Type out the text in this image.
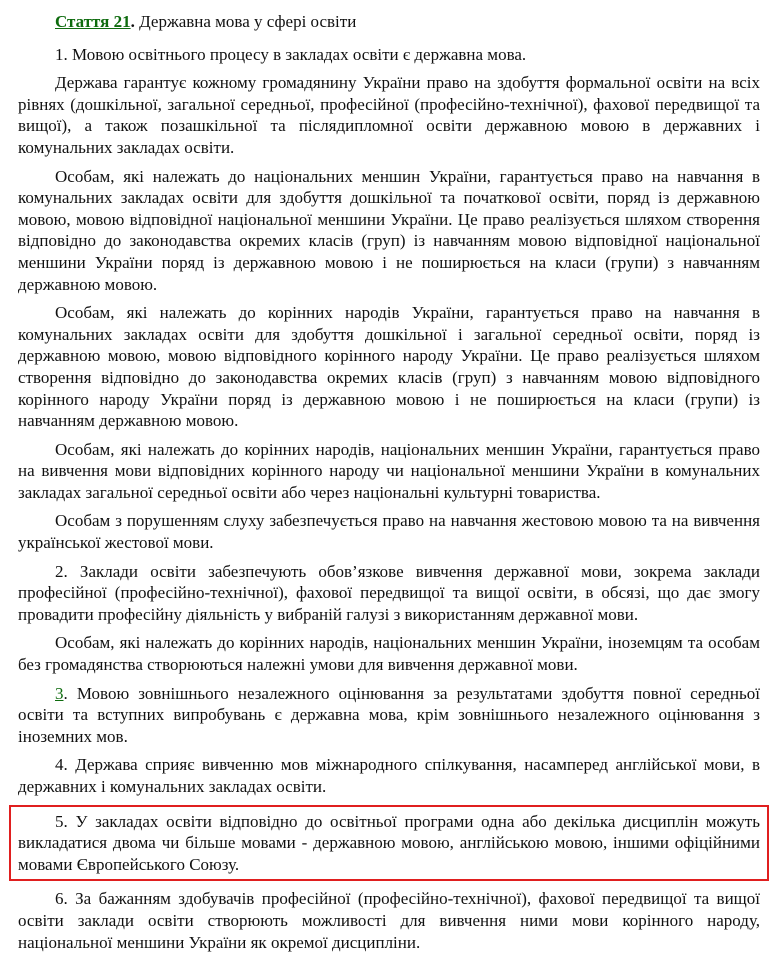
Стаття 21. Державна мова у сфері освіти

1. Мовою освітнього процесу в закладах освіти є державна мова.

Держава гарантує кожному громадянину України право на здобуття формальної освіти на всіх рівнях (дошкільної, загальної середньої, професійної (професійно-технічної), фахової передвищої та вищої), а також позашкільної та післядипломної освіти державною мовою в державних і комунальних закладах освіти.

Особам, які належать до національних меншин України, гарантується право на навчання в комунальних закладах освіти для здобуття дошкільної та початкової освіти, поряд із державною мовою, мовою відповідної національної меншини України. Це право реалізується шляхом створення відповідно до законодавства окремих класів (груп) із навчанням мовою відповідної національної меншини України поряд із державною мовою і не поширюється на класи (групи) з навчанням державною мовою.

Особам, які належать до корінних народів України, гарантується право на навчання в комунальних закладах освіти для здобуття дошкільної і загальної середньої освіти, поряд із державною мовою, мовою відповідного корінного народу України. Це право реалізується шляхом створення відповідно до законодавства окремих класів (груп) з навчанням мовою відповідного корінного народу України поряд із державною мовою і не поширюється на класи (групи) із навчанням державною мовою.

Особам, які належать до корінних народів, національних меншин України, гарантується право на вивчення мови відповідних корінного народу чи національної меншини України в комунальних закладах загальної середньої освіти або через національні культурні товариства.

Особам з порушенням слуху забезпечується право на навчання жестовою мовою та на вивчення української жестової мови.

2. Заклади освіти забезпечують обов’язкове вивчення державної мови, зокрема заклади професійної (професійно-технічної), фахової передвищої та вищої освіти, в обсязі, що дає змогу провадити професійну діяльність у вибраній галузі з використанням державної мови.

Особам, які належать до корінних народів, національних меншин України, іноземцям та особам без громадянства створюються належні умови для вивчення державної мови.

3. Мовою зовнішнього незалежного оцінювання за результатами здобуття повної середньої освіти та вступних випробувань є державна мова, крім зовнішнього незалежного оцінювання з іноземних мов.

4. Держава сприяє вивченню мов міжнародного спілкування, насамперед англійської мови, в державних і комунальних закладах освіти.

5. У закладах освіти відповідно до освітньої програми одна або декілька дисциплін можуть викладатися двома чи більше мовами - державною мовою, англійською мовою, іншими офіційними мовами Європейського Союзу.

6. За бажанням здобувачів професійної (професійно-технічної), фахової передвищої та вищої освіти заклади освіти створюють можливості для вивчення ними мови корінного народу, національної меншини України як окремої дисципліни.
